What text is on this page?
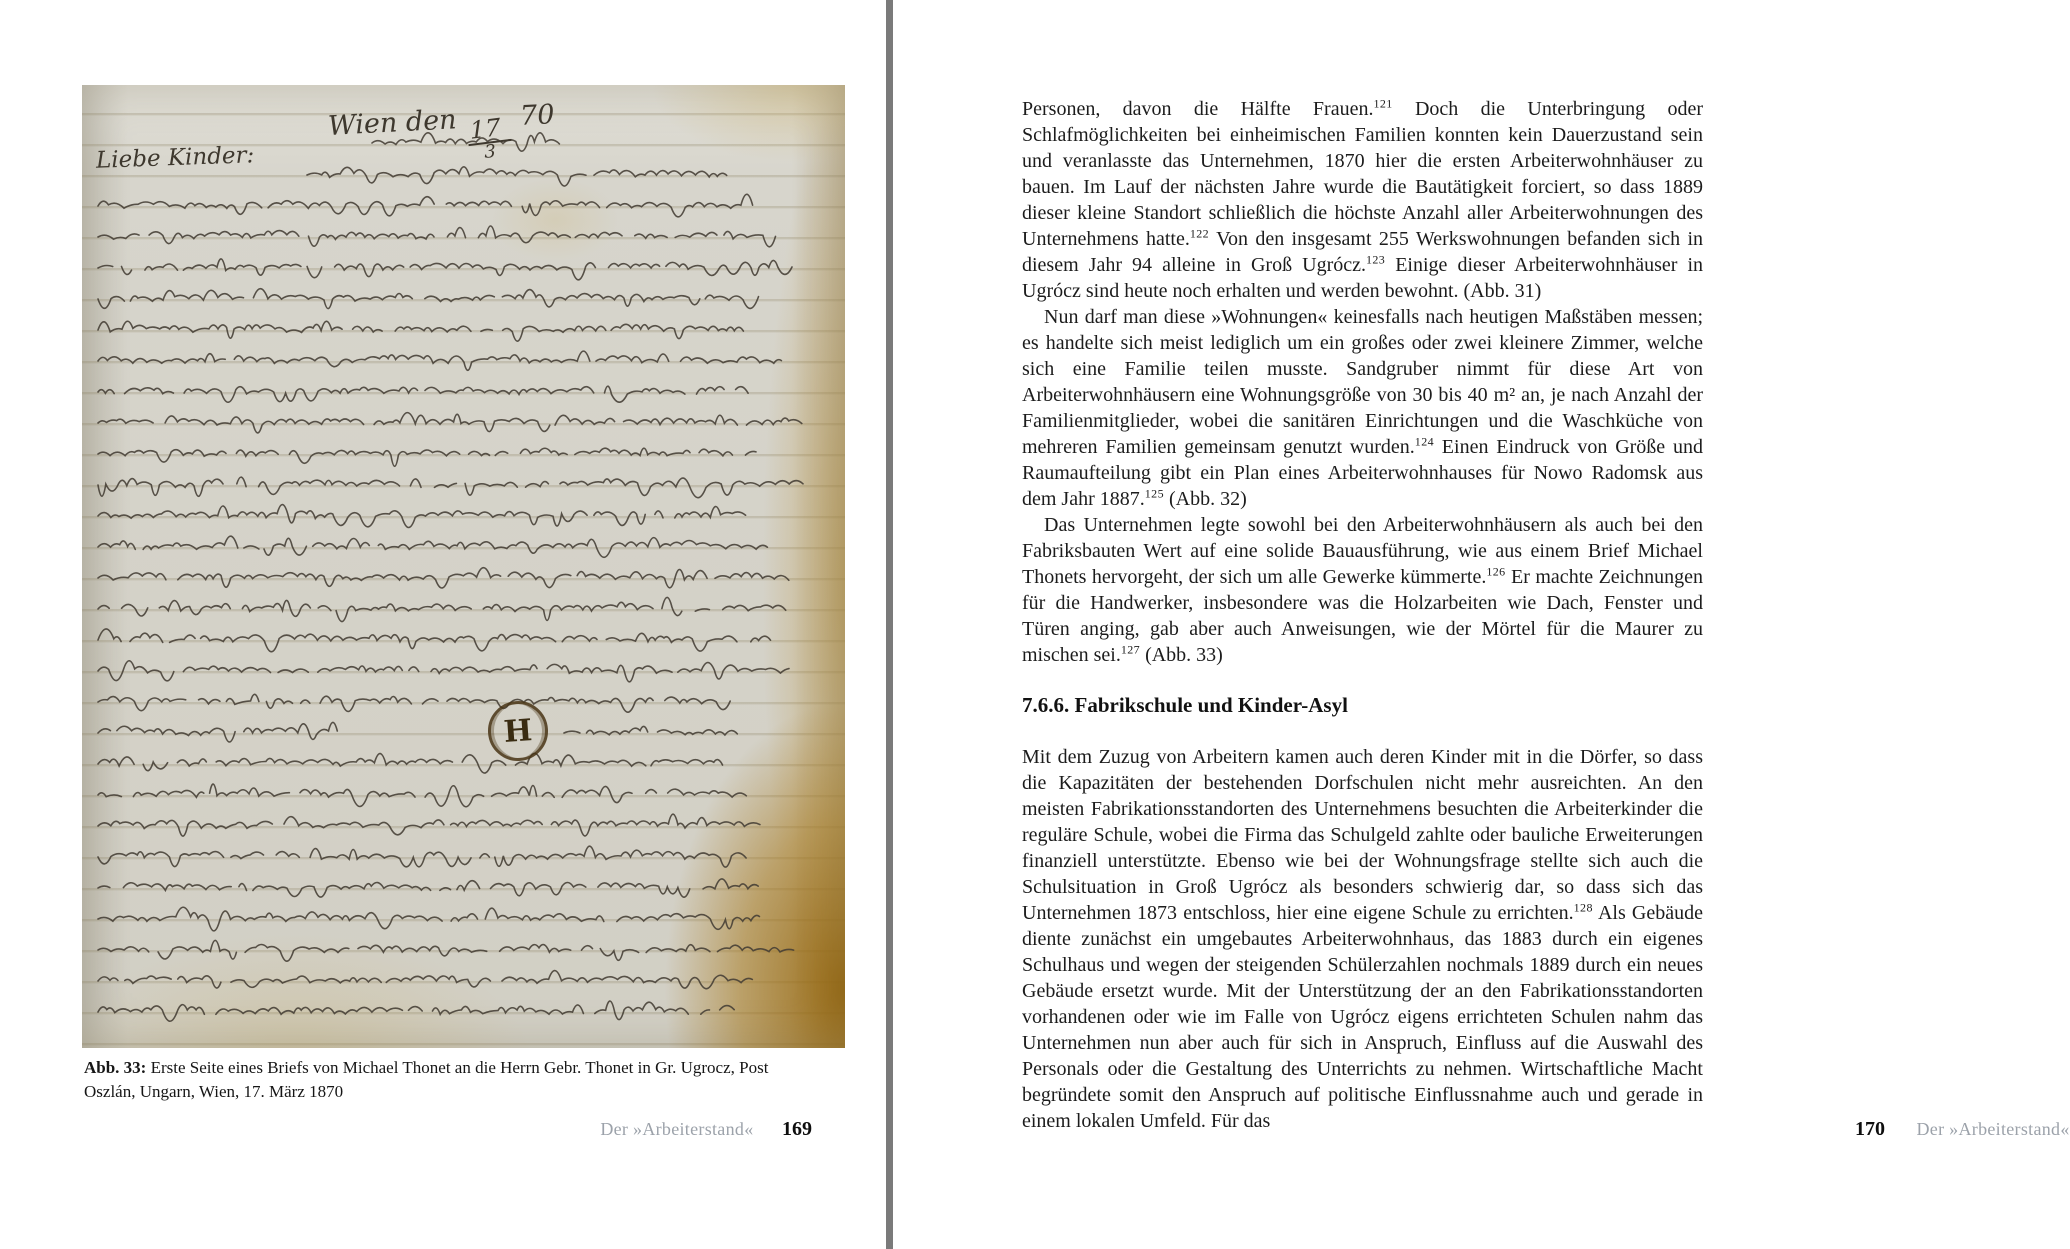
Wien den $\frac{17}{3} 70$
Liebe Kinder:
H
Abb. 33: Erste Seite eines Briefs von Michael Thonet an die Herrn Gebr. Thonet in Gr. Ugrocz, Post Oszlán, Ungarn, Wien, 17. März 1870
Der »Arbeiterstand« 169

Personen, davon die Hälfte Frauen.$^{121}$ Doch die Unterbringung oder Schlafmöglichkeiten bei einheimischen Familien konnten kein Dauerzustand sein und veranlasste das Unternehmen, 1870 hier die ersten Arbeiterwohnhäuser zu bauen. Im Lauf der nächsten Jahre wurde die Bautätigkeit forciert, so dass 1889 dieser kleine Standort schließlich die höchste Anzahl aller Arbeiterwohnungen des Unternehmens hatte.$^{122}$ Von den insgesamt 255 Werkswohnungen befanden sich in diesem Jahr 94 alleine in Groß Ugrócz.$^{123}$ Einige dieser Arbeiterwohnhäuser in Ugrócz sind heute noch erhalten und werden bewohnt. (Abb. 31)

Nun darf man diese »Wohnungen« keinesfalls nach heutigen Maßstäben messen; es handelte sich meist lediglich um ein großes oder zwei kleinere Zimmer, welche sich eine Familie teilen musste. Sandgruber nimmt für diese Art von Arbeiterwohnhäusern eine Wohnungsgröße von 30 bis 40 m² an, je nach Anzahl der Familienmitglieder, wobei die sanitären Einrichtungen und die Waschküche von mehreren Familien gemeinsam genutzt wurden.$^{124}$ Einen Eindruck von Größe und Raumaufteilung gibt ein Plan eines Arbeiterwohnhauses für Nowo Radomsk aus dem Jahr 1887.$^{125}$ (Abb. 32)

Das Unternehmen legte sowohl bei den Arbeiterwohnhäusern als auch bei den Fabriksbauten Wert auf eine solide Bauausführung, wie aus einem Brief Michael Thonets hervorgeht, der sich um alle Gewerke kümmerte.$^{126}$ Er machte Zeichnungen für die Handwerker, insbesondere was die Holzarbeiten wie Dach, Fenster und Türen anging, gab aber auch Anweisungen, wie der Mörtel für die Maurer zu mischen sei.$^{127}$ (Abb. 33)

7.6.6. Fabrikschule und Kinder-Asyl

Mit dem Zuzug von Arbeitern kamen auch deren Kinder mit in die Dörfer, so dass die Kapazitäten der bestehenden Dorfschulen nicht mehr ausreichten. An den meisten Fabrikationsstandorten des Unternehmens besuchten die Arbeiterkinder die reguläre Schule, wobei die Firma das Schulgeld zahlte oder bauliche Erweiterungen finanziell unterstützte. Ebenso wie bei der Wohnungsfrage stellte sich auch die Schulsituation in Groß Ugrócz als besonders schwierig dar, so dass sich das Unternehmen 1873 entschloss, hier eine eigene Schule zu errichten.$^{128}$ Als Gebäude diente zunächst ein umgebautes Arbeiterwohnhaus, das 1883 durch ein eigenes Schulhaus und wegen der steigenden Schülerzahlen nochmals 1889 durch ein neues Gebäude ersetzt wurde. Mit der Unterstützung der an den Fabrikationsstandorten vorhandenen oder wie im Falle von Ugrócz eigens errichteten Schulen nahm das Unternehmen nun aber auch für sich in Anspruch, Einfluss auf die Auswahl des Personals oder die Gestaltung des Unterrichts zu nehmen. Wirtschaftliche Macht begründete somit den Anspruch auf politische Einflussnahme auch und gerade in einem lokalen Umfeld. Für das	170 Der »Arbeiterstand«
